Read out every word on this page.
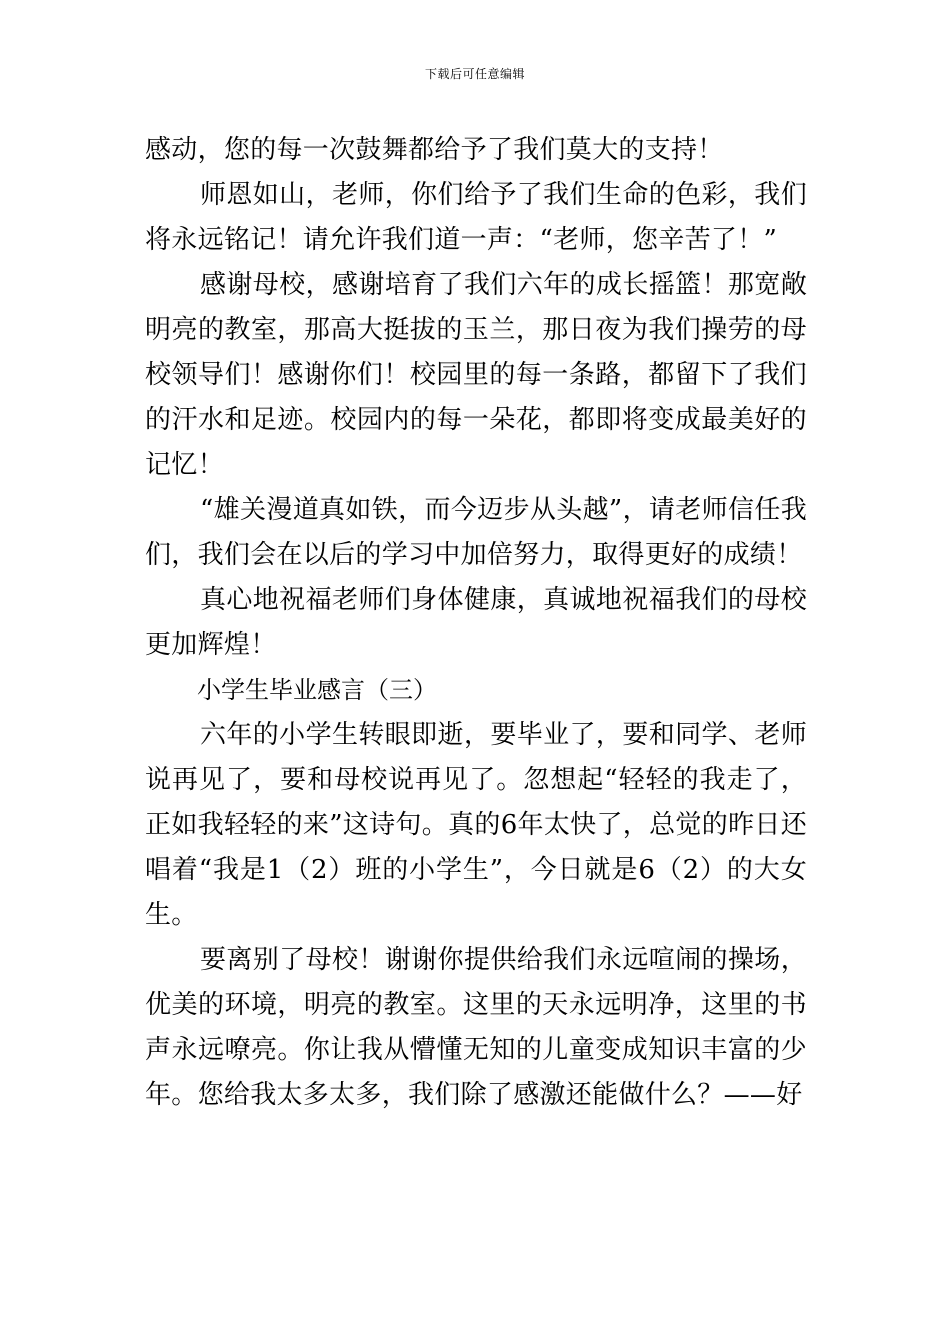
下载后可任意编辑

感动，您的每一次鼓舞都给予了我们莫大的支持！

师恩如山，老师，你们给予了我们生命的色彩，我们将永远铭记！请允许我们道一声：“老师，您辛苦了！”

感谢母校，感谢培育了我们六年的成长摇篮！那宽敞明亮的教室，那高大挺拔的玉兰，那日夜为我们操劳的母校领导们！感谢你们！校园里的每一条路，都留下了我们的汗水和足迹。校园内的每一朵花，都即将变成最美好的记忆！

“雄关漫道真如铁，而今迈步从头越”，请老师信任我们，我们会在以后的学习中加倍努力，取得更好的成绩！

真心地祝福老师们身体健康，真诚地祝福我们的母校更加辉煌！

小学生毕业感言（三）

六年的小学生转眼即逝，要毕业了，要和同学、老师说再见了，要和母校说再见了。忽想起“轻轻的我走了，正如我轻轻的来”这诗句。真的6年太快了，总觉的昨日还唱着“我是1（2）班的小学生”，今日就是6（2）的大女生。

要离别了母校！谢谢你提供给我们永远喧闹的操场，优美的环境，明亮的教室。这里的天永远明净，这里的书声永远嘹亮。你让我从懵懂无知的儿童变成知识丰富的少年。您给我太多太多，我们除了感激还能做什么？——好
